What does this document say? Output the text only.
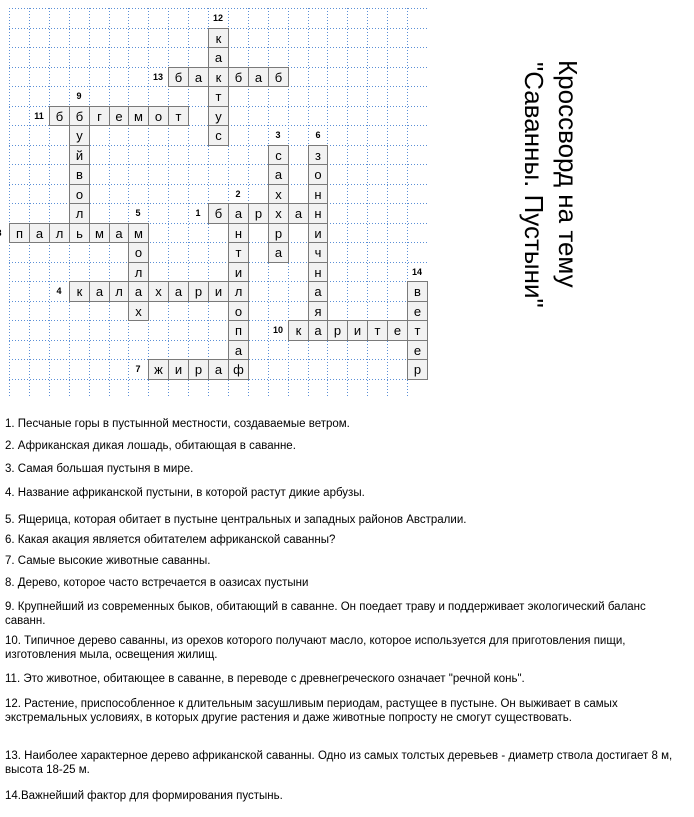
б а р	х	а н
1
н
т
и
л
о
п
а
2
с
а
х
р
а
3
к	а л а	х	а р и
4
м
о
л
х
5
з
о
н
и
ч
н
а
я
6
ж и р а ф
7
п а л ь м а
б
у
й
в
о
л
9
к	а р и	т	е
10
б	г	е м о	т
11
к
а
к
т
у
с
12
б а	б а б
13
в
е
т
е
р
14	Кроссворд на тему
"Саванны. Пустыни"

1. Песчаные горы в пустынной местности, создаваемые ветром.

2. Африканская дикая лошадь, обитающая в саванне.

3. Самая большая пустыня в мире.

4. Название африканской пустыни, в которой растут дикие арбузы.

5. Ящерица, которая обитает в пустыне центральных и западных районов Австралии.

6. Какая акация является обитателем африканской саванны?

7. Самые высокие животные саванны.

8. Дерево, которое часто встречается в оазисах пустыни

9. Крупнейший из современных быков, обитающий в саванне. Он поедает траву и поддерживает экологический баланс саванн.

10. Типичное дерево саванны, из орехов которого получают масло, которое используется для приготовления пищи, изготовления мыла, освещения жилищ.

11. Это животное, обитающее в саванне, в переводе с древнегреческого означает "речной конь".

12. Растение, приспособленное к длительным засушливым периодам, растущее в пустыне. Он выживает в самых экстремальных условиях, в которых другие растения и даже животные попросту не смогут существовать.

13. Наиболее характерное дерево африканской саванны. Одно из самых толстых деревьев - диаметр ствола достигает 8 м, высота 18-25 м.

14.Важнейший фактор для формирования пустынь.
